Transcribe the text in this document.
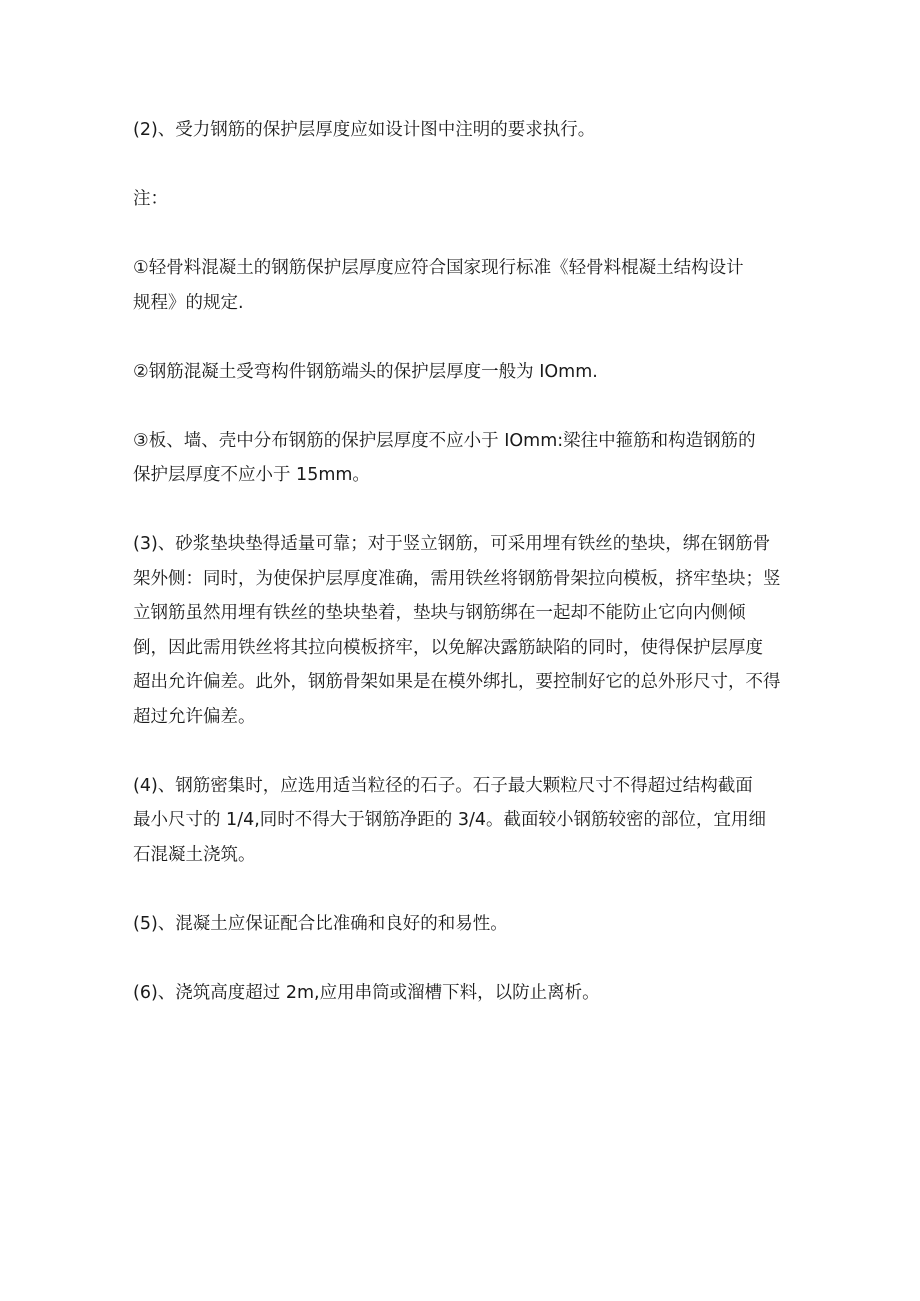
(2)、受力钢筋的保护层厚度应如设计图中注明的要求执行。

注：

①轻骨料混凝土的钢筋保护层厚度应符合国家现行标准《轻骨料棍凝土结构设计
规程》的规定.

②钢筋混凝土受弯构件钢筋端头的保护层厚度一般为 IOmm.

③板、墙、壳中分布钢筋的保护层厚度不应小于 IOmm:梁往中箍筋和构造钢筋的
保护层厚度不应小于 15mm。

(3)、砂浆垫块垫得适量可靠；对于竖立钢筋，可采用埋有铁丝的垫块，绑在钢筋骨
架外侧：同时，为使保护层厚度准确，需用铁丝将钢筋骨架拉向模板，挤牢垫块；竖
立钢筋虽然用埋有铁丝的垫块垫着，垫块与钢筋绑在一起却不能防止它向内侧倾
倒，因此需用铁丝将其拉向模板挤牢，以免解决露筋缺陷的同时，使得保护层厚度
超出允许偏差。此外，钢筋骨架如果是在模外绑扎，要控制好它的总外形尺寸，不得
超过允许偏差。

(4)、钢筋密集时，应选用适当粒径的石子。石子最大颗粒尺寸不得超过结构截面
最小尺寸的 1/4,同时不得大于钢筋净距的 3/4。截面较小钢筋较密的部位，宜用细
石混凝土浇筑。

(5)、混凝土应保证配合比准确和良好的和易性。

(6)、浇筑高度超过 2m,应用串筒或溜槽下料，以防止离析。
